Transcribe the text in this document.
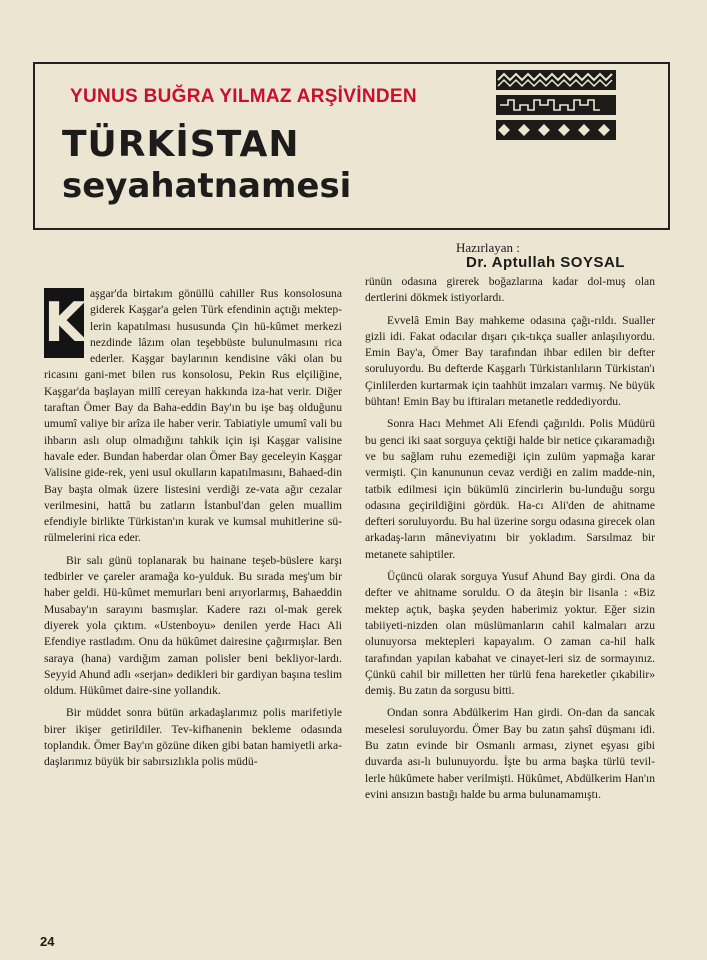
YUNUS BUĞRA YILMAZ ARŞİVİNDEN
TÜRKİSTAN
seyahatnamesi
Hazırlayan :
Dr. Aptullah SOYSAL

K aşgar'da birtakım gönüllü cahiller Rus konsolosuna giderek Kaşgar'a gelen Türk efendinin açtığı mektep-lerin kapatılması hususunda Çin hü-kûmet merkezi nezdinde lâzım olan teşebbüste bulunulmasını rica ederler. Kaşgar baylarının kendisine vâki olan bu ricasını gani-met bilen rus konsolosu, Pekin Rus elçiliğine, Kaşgar'da başlayan millî cereyan hakkında iza-hat verir. Diğer taraftan Ömer Bay da Baha-eddin Bay'ın bu işe baş olduğunu umumî valiye bir arîza ile haber verir. Tabiatiyle umumî vali bu ihbarın aslı olup olmadığını tahkik için işi Kaşgar valisine havale eder. Bundan haberdar olan Ömer Bay geceleyin Kaşgar Valisine gide-rek, yeni usul okulların kapatılmasını, Bahaed-din Bay başta olmak üzere listesini verdiği ze-vata ağır cezalar verilmesini, hattâ bu zatların İstanbul'dan gelen muallim efendiyle birlikte Türkistan'ın kurak ve kumsal muhitlerine sü-rülmelerini rica eder.

Bir salı günü toplanarak bu hainane teşeb-büslere karşı tedbirler ve çareler aramağa ko-yulduk. Bu sırada meş'um bir haber geldi. Hü-kûmet memurları beni arıyorlarmış, Bahaeddin Musabay'ın sarayını basmışlar. Kadere razı ol-mak gerek diyerek yola çıktım. «Ustenboyu» denilen yerde Hacı Ali Efendiye rastladım. Onu da hükûmet dairesine çağırmışlar. Ben saraya (hana) vardığım zaman polisler beni bekliyor-lardı. Seyyid Ahund adlı «serjan» dedikleri bir gardiyan başına teslim oldum. Hükûmet daire-sine yollandık.

Bir müddet sonra bütün arkadaşlarımız polis marifetiyle birer ikişer getirildiler. Tev-kifhanenin bekleme odasında toplandık. Ömer Bay'ın gözüne diken gibi batan hamiyetli arka-daşlarımız büyük bir sabırsızlıkla polis müdü-

rünün odasına girerek boğazlarına kadar dol-muş olan dertlerini dökmek istiyorlardı.

Evvelâ Emin Bay mahkeme odasına çağı-rıldı. Sualler gizli idi. Fakat odacılar dışarı çık-tıkça sualler anlaşılıyordu. Emin Bay'a, Ömer Bay tarafından ihbar edilen bir defter soruluyordu. Bu defterde Kaşgarlı Türkistanlıların Türkistan'ı Çinlilerden kurtarmak için taahhüt imzaları varmış. Ne büyük bühtan! Emin Bay bu iftiraları metanetle reddediyordu.

Sonra Hacı Mehmet Ali Efendi çağırıldı. Polis Müdürü bu genci iki saat sorguya çektiği halde bir netice çıkaramadığı ve bu sağlam ruhu ezemediği için zulüm yapmağa karar vermişti. Çin kanununun cevaz verdiği en zalim madde-nin, tatbik edilmesi için bükümlü zincirlerin bu-lunduğu sorgu odasına geçirildiğini gördük. Ha-cı Ali'den de ahitname defteri soruluyordu. Bu hal üzerine sorgu odasına girecek olan arkadaş-ların mâneviyatını bir yokladım. Sarsılmaz bir metanete sahiptiler.

Üçüncü olarak sorguya Yusuf Ahund Bay girdi. Ona da defter ve ahitname soruldu. O da âteşin bir lisanla : «Biz mektep açtık, başka şeyden haberimiz yoktur. Eğer sizin tabiiyeti-nizden olan müslümanların cahil kalmaları arzu olunuyorsa mektepleri kapayalım. O zaman ca-hil halk tarafından yapılan kabahat ve cinayet-leri siz de sormayınız. Çünkü cahil bir milletten her türlü fena hareketler çıkabilir» demiş. Bu zatın da sorgusu bitti.

Ondan sonra Abdülkerim Han girdi. On-dan da sancak meselesi soruluyordu. Ömer Bay bu zatın şahsî düşmanı idi. Bu zatın evinde bir Osmanlı arması, ziynet eşyası gibi duvarda ası-lı bulunuyordu. İşte bu arma başka türlü tevil-lerle hükûmete haber verilmişti. Hükûmet, Abdülkerim Han'ın evini ansızın bastığı halde bu arma bulunamamıştı.

24
